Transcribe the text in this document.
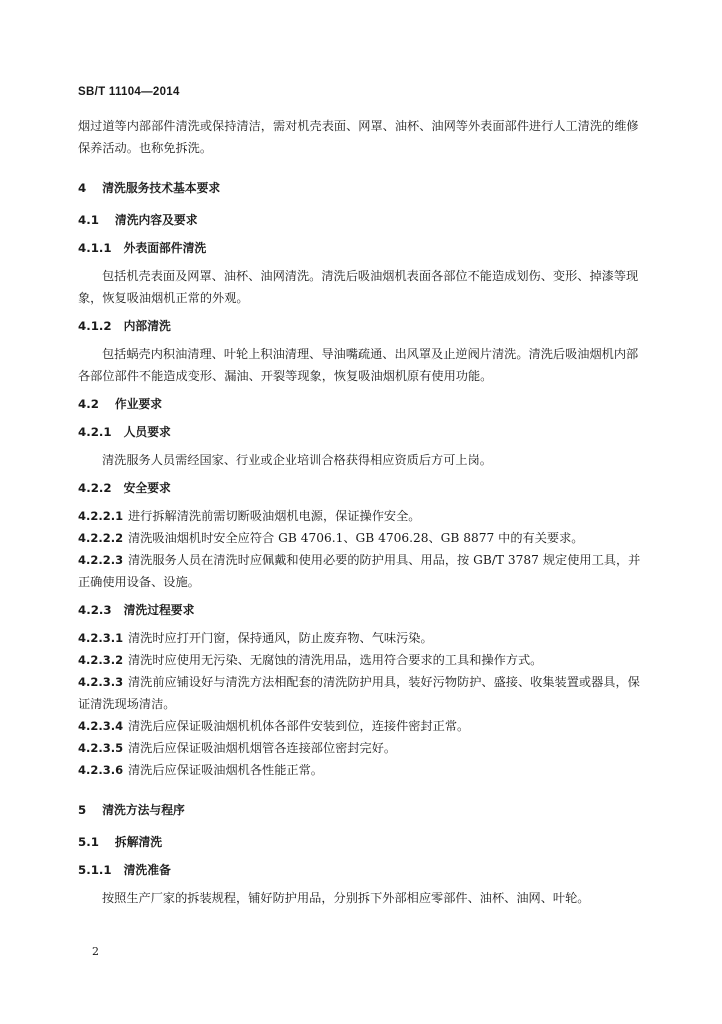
SB/T 11104—2014

烟过道等内部部件清洗或保持清洁，需对机壳表面、网罩、油杯、油网等外表面部件进行人工清洗的维修保养活动。也称免拆洗。

4 清洗服务技术基本要求

4.1 清洗内容及要求

4.1.1 外表面部件清洗

包括机壳表面及网罩、油杯、油网清洗。清洗后吸油烟机表面各部位不能造成划伤、变形、掉漆等现象，恢复吸油烟机正常的外观。

4.1.2 内部清洗

包括蜗壳内积油清理、叶轮上积油清理、导油嘴疏通、出风罩及止逆阀片清洗。清洗后吸油烟机内部各部位部件不能造成变形、漏油、开裂等现象，恢复吸油烟机原有使用功能。

4.2 作业要求

4.2.1 人员要求

清洗服务人员需经国家、行业或企业培训合格获得相应资质后方可上岗。

4.2.2 安全要求

4.2.2.1 进行拆解清洗前需切断吸油烟机电源，保证操作安全。

4.2.2.2 清洗吸油烟机时安全应符合 GB 4706.1、GB 4706.28、GB 8877 中的有关要求。

4.2.2.3 清洗服务人员在清洗时应佩戴和使用必要的防护用具、用品，按 GB/T 3787 规定使用工具，并正确使用设备、设施。

4.2.3 清洗过程要求

4.2.3.1 清洗时应打开门窗，保持通风，防止废弃物、气味污染。

4.2.3.2 清洗时应使用无污染、无腐蚀的清洗用品，选用符合要求的工具和操作方式。

4.2.3.3 清洗前应铺设好与清洗方法相配套的清洗防护用具，装好污物防护、盛接、收集装置或器具，保证清洗现场清洁。

4.2.3.4 清洗后应保证吸油烟机机体各部件安装到位，连接件密封正常。

4.2.3.5 清洗后应保证吸油烟机烟管各连接部位密封完好。

4.2.3.6 清洗后应保证吸油烟机各性能正常。

5 清洗方法与程序

5.1 拆解清洗

5.1.1 清洗准备

按照生产厂家的拆装规程，铺好防护用品，分别拆下外部相应零部件、油杯、油网、叶轮。

2
